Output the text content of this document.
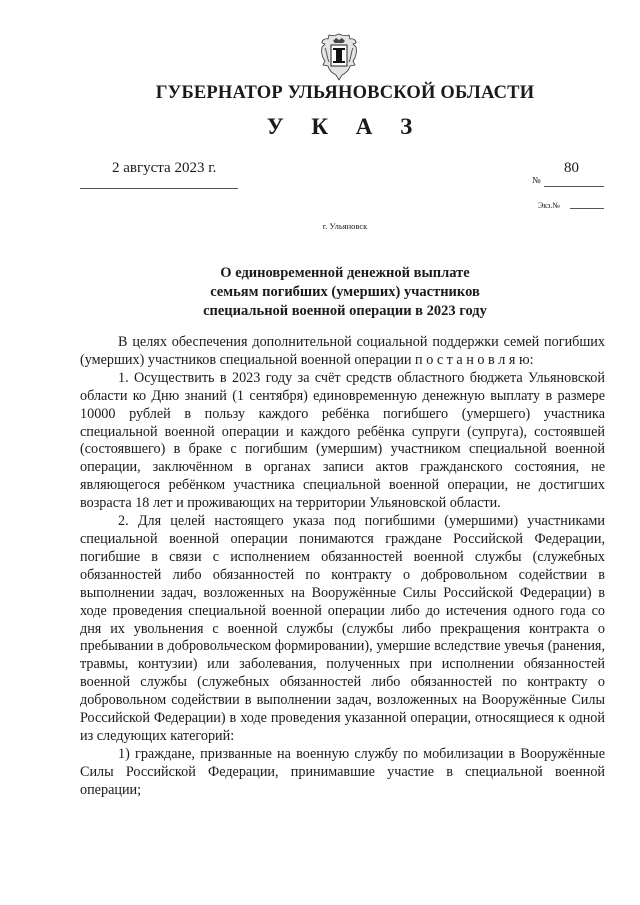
ГУБЕРНАТОР УЛЬЯНОВСКОЙ ОБЛАСТИ
У К А З
2 августа 2023 г.	80
№
Экз.№
г. Ульяновск
О единовременной денежной выплате
семьям погибших (умерших) участников
специальной военной операции в 2023 году

В целях обеспечения дополнительной социальной поддержки семей погибших (умерших) участников специальной военной операции п о с т а н о в л я ю:

1. Осуществить в 2023 году за счёт средств областного бюджета Ульяновской области ко Дню знаний (1 сентября) единовременную денежную выплату в размере 10000 рублей в пользу каждого ребёнка погибшего (умершего) участника специальной военной операции и каждого ребёнка супруги (супруга), состоявшей (состоявшего) в браке с погибшим (умершим) участником специальной военной операции, заключённом в органах записи актов гражданского состояния, не являющегося ребёнком участника специальной военной операции, не достигших возраста 18 лет и проживающих на территории Ульяновской области.

2. Для целей настоящего указа под погибшими (умершими) участниками специальной военной операции понимаются граждане Российской Федерации, погибшие в связи с исполнением обязанностей военной службы (служебных обязанностей либо обязанностей по контракту о добровольном содействии в выполнении задач, возложенных на Вооружённые Силы Российской Федерации) в ходе проведения специальной военной операции либо до истечения одного года со дня их увольнения с военной службы (службы либо прекращения контракта о пребывании в добровольческом формировании), умершие вследствие увечья (ранения, травмы, контузии) или заболевания, полученных при исполнении обязанностей военной службы (служебных обязанностей либо обязанностей по контракту о добровольном содействии в выполнении задач, возложенных на Вооружённые Силы Российской Федерации) в ходе проведения указанной операции, относящиеся к одной из следующих категорий:

1) граждане, призванные на военную службу по мобилизации в Вооружённые Силы Российской Федерации, принимавшие участие в специальной военной операции;
